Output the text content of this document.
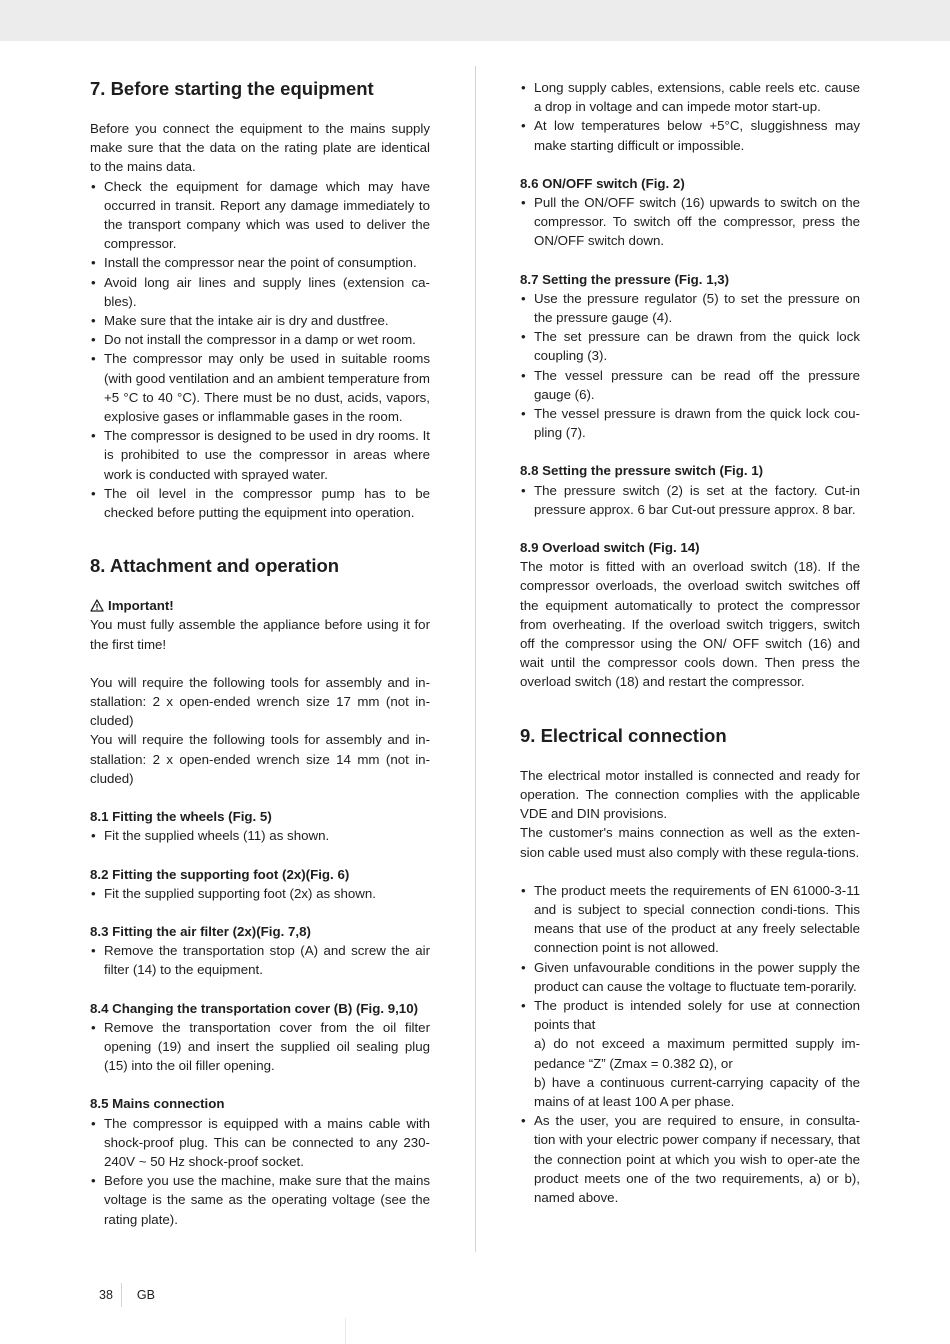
7. Before starting the equipment

Before you connect the equipment to the mains supply make sure that the data on the rating plate are identical to the mains data.

• Check the equipment for damage which may have occurred in transit. Report any damage immediately to the transport company which was used to deliver the compressor.
• Install the compressor near the point of consumption.
• Avoid long air lines and supply lines (extension ca-bles).
• Make sure that the intake air is dry and dustfree.
• Do not install the compressor in a damp or wet room.
• The compressor may only be used in suitable rooms (with good ventilation and an ambient temperature from +5 °C to 40 °C). There must be no dust, acids, vapors, explosive gases or inflammable gases in the room.
• The compressor is designed to be used in dry rooms. It is prohibited to use the compressor in areas where work is conducted with sprayed water.
• The oil level in the compressor pump has to be checked before putting the equipment into operation.
8. Attachment and operation
Important!

You must fully assemble the appliance before using it for the first time!

You will require the following tools for assembly and in-stallation: 2 x open-ended wrench size 17 mm (not in-cluded)

You will require the following tools for assembly and in-stallation: 2 x open-ended wrench size 14 mm (not in-cluded)

8.1 Fitting the wheels (Fig. 5)
• Fit the supplied wheels (11) as shown.
8.2 Fitting the supporting foot (2x)(Fig. 6)
• Fit the supplied supporting foot (2x) as shown.
8.3 Fitting the air filter (2x)(Fig. 7,8)
• Remove the transportation stop (A) and screw the air filter (14) to the equipment.
8.4 Changing the transportation cover (B) (Fig. 9,10)
• Remove the transportation cover from the oil filter opening (19) and insert the supplied oil sealing plug (15) into the oil filler opening.
8.5 Mains connection
• The compressor is equipped with a mains cable with shock-proof plug. This can be connected to any 230-240V ~ 50 Hz shock-proof socket.
• Before you use the machine, make sure that the mains voltage is the same as the operating voltage (see the rating plate).
• Long supply cables, extensions, cable reels etc. cause a drop in voltage and can impede motor start-up.
• At low temperatures below +5°C, sluggishness may make starting difficult or impossible.
8.6 ON/OFF switch (Fig. 2)
• Pull the ON/OFF switch (16) upwards to switch on the compressor. To switch off the compressor, press the ON/OFF switch down.
8.7 Setting the pressure (Fig. 1,3)
• Use the pressure regulator (5) to set the pressure on the pressure gauge (4).
• The set pressure can be drawn from the quick lock coupling (3).
• The vessel pressure can be read off the pressure gauge (6).
• The vessel pressure is drawn from the quick lock cou-pling (7).
8.8 Setting the pressure switch (Fig. 1)
• The pressure switch (2) is set at the factory. Cut-in pressure approx. 6 bar Cut-out pressure approx. 8 bar.
8.9 Overload switch (Fig. 14)

The motor is fitted with an overload switch (18). If the compressor overloads, the overload switch switches off the equipment automatically to protect the compressor from overheating. If the overload switch triggers, switch off the compressor using the ON/ OFF switch (16) and wait until the compressor cools down. Then press the overload switch (18) and restart the compressor.

9. Electrical connection

The electrical motor installed is connected and ready for operation. The connection complies with the applicable VDE and DIN provisions.

The customer's mains connection as well as the exten-sion cable used must also comply with these regula-tions.

• The product meets the requirements of EN 61000-3-11 and is subject to special connection condi-tions. This means that use of the product at any freely selectable connection point is not allowed.
• Given unfavourable conditions in the power supply the product can cause the voltage to fluctuate tem-porarily.
• The product is intended solely for use at connection points that
a) do not exceed a maximum permitted supply im-pedance “Z” (Zmax = 0.382 Ω), or
b) have a continuous current-carrying capacity of the mains of at least 100 A per phase.
• As the user, you are required to ensure, in consulta-tion with your electric power company if necessary, that the connection point at which you wish to oper-ate the product meets one of the two requirements, a) or b), named above.
38	GB
